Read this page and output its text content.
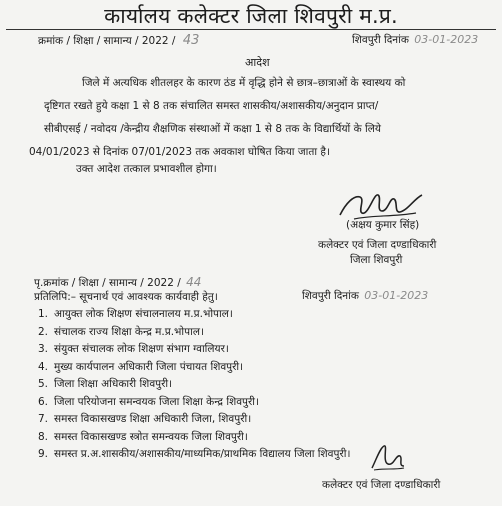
कार्यालय कलेक्टर जिला शिवपुरी म.प्र.
क्रमांक / शिक्षा / सामान्य / 2022 / 43	शिवपुरी दिनांक 03-01-2023
आदेश

जिले में अत्यधिक शीतलहर के कारण ठंड में वृद्धि होने से छात्र–छात्राओं के स्वास्थय को

दृष्टिगत रखते हुये कक्षा 1 से 8 तक संचालित समस्त शासकीय/अशासकीय/अनुदान प्राप्त/

सीबीएसई / नवोदय /केन्द्रीय शैक्षणिक संस्थाओं में कक्षा 1 से 8 तक के विद्यार्थियों के लिये

04/01/2023 से दिनांक 07/01/2023 तक अवकाश घोषित किया जाता है।

उक्त आदेश तत्काल प्रभावशील होगा।
(अक्षय कुमार सिंह)
कलेक्टर एवं जिला दण्डाधिकारी
जिला शिवपुरी
पृ.क्रमांक / शिक्षा / सामान्य / 2022 / 44
प्रतिलिपि:– सूचनार्थ एवं आवश्यक कार्यवाही हेतु।	शिवपुरी दिनांक 03-01-2023
1. आयुक्त लोक शिक्षण संचालनालय म.प्र.भोपाल।
2. संचालक राज्य शिक्षा केन्द्र म.प्र.भोपाल।
3. संयुक्त संचालक लोक शिक्षण संभाग ग्वालियर।
4. मुख्य कार्यपालन अधिकारी जिला पंचायत शिवपुरी।
5. जिला शिक्षा अधिकारी शिवपुरी।
6. जिला परियोजना समन्वयक जिला शिक्षा केन्द्र शिवपुरी।
7. समस्त विकासखण्ड शिक्षा अधिकारी जिला, शिवपुरी।
8. समस्त विकासखण्ड स्त्रोत समन्वयक जिला शिवपुरी।
9. समस्त प्र.अ.शासकीय/अशासकीय/माध्यमिक/प्राथमिक विद्यालय जिला शिवपुरी।
कलेक्टर एवं जिला दण्डाधिकारी
